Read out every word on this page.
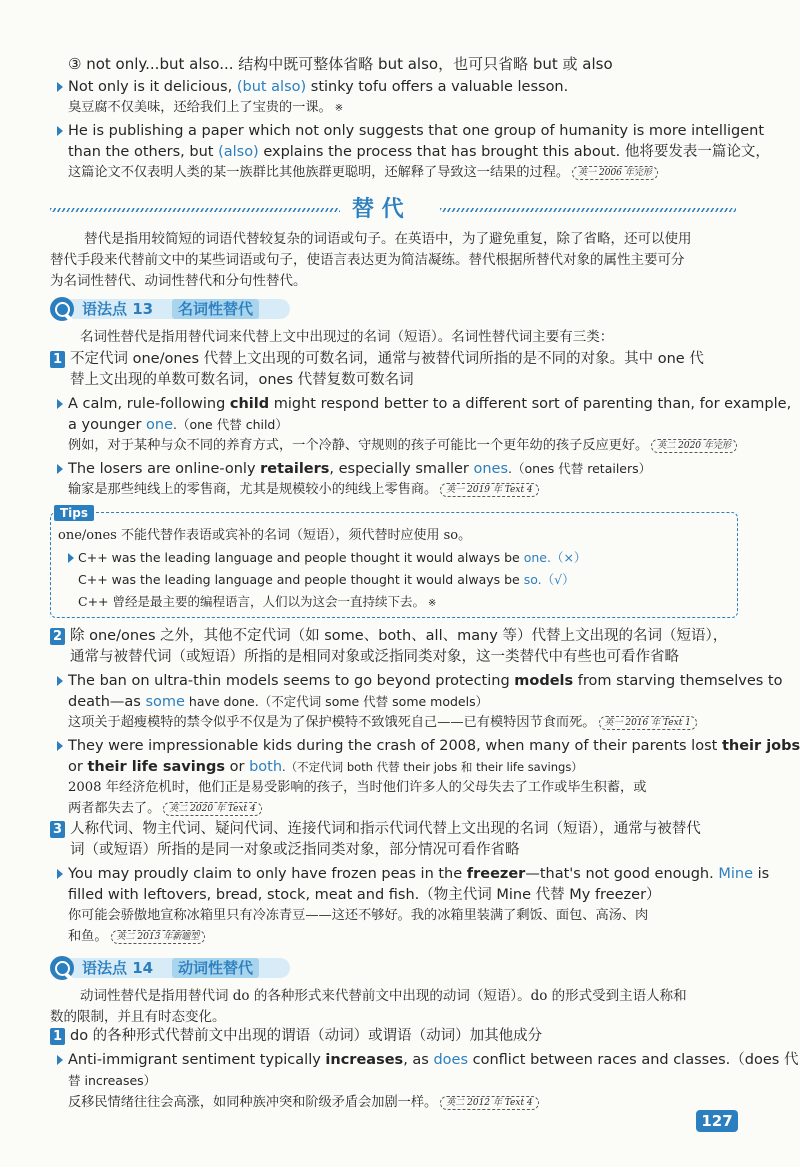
③ not only...but also... 结构中既可整体省略 but also，也可只省略 but 或 also
Not only is it delicious, (but also) stinky tofu offers a valuable lesson.
臭豆腐不仅美味，还给我们上了宝贵的一课。 ※
He is publishing a paper which not only suggests that one group of humanity is more intelligent
than the others, but (also) explains the process that has brought this about. 他将要发表一篇论文，
这篇论文不仅表明人类的某一族群比其他族群更聪明，还解释了导致这一结果的过程。 英一 2006 年完形
替 代
替代是指用较简短的词语代替较复杂的词语或句子。在英语中，为了避免重复，除了省略，还可以使用
替代手段来代替前文中的某些词语或句子，使语言表达更为简洁凝练。替代根据所替代对象的属性主要可分
为名词性替代、动词性替代和分句性替代。
语法点 13	名词性替代
名词性替代是指用替代词来代替上文中出现过的名词（短语）。名词性替代词主要有三类：
1 不定代词 one/ones 代替上文出现的可数名词，通常与被替代词所指的是不同的对象。其中 one 代
替上文出现的单数可数名词，ones 代替复数可数名词
A calm, rule-following child might respond better to a different sort of parenting than, for example,
a younger one.（one 代替 child）
例如，对于某种与众不同的养育方式，一个冷静、守规则的孩子可能比一个更年幼的孩子反应更好。 英二 2020 年完形
The losers are online-only retailers, especially smaller ones.（ones 代替 retailers）
输家是那些纯线上的零售商，尤其是规模较小的纯线上零售商。 英一 2019 年 Text 4
Tips
one/ones 不能代替作表语或宾补的名词（短语），须代替时应使用 so。
C++ was the leading language and people thought it would always be one.（×）
C++ was the leading language and people thought it would always be so.（√）
C++ 曾经是最主要的编程语言，人们以为这会一直持续下去。 ※
2 除 one/ones 之外，其他不定代词（如 some、both、all、many 等）代替上文出现的名词（短语），
通常与被替代词（或短语）所指的是相同对象或泛指同类对象，这一类替代中有些也可看作省略
The ban on ultra-thin models seems to go beyond protecting models from starving themselves to
death—as some have done.（不定代词 some 代替 some models）
这项关于超瘦模特的禁令似乎不仅是为了保护模特不致饿死自己——已有模特因节食而死。 英一 2016 年 Text 1
They were impressionable kids during the crash of 2008, when many of their parents lost their jobs
or their life savings or both.（不定代词 both 代替 their jobs 和 their life savings）
2008 年经济危机时，他们正是易受影响的孩子，当时他们许多人的父母失去了工作或毕生积蓄，或
两者都失去了。 英二 2020 年 Text 4
3 人称代词、物主代词、疑问代词、连接代词和指示代词代替上文出现的名词（短语），通常与被替代
词（或短语）所指的是同一对象或泛指同类对象，部分情况可看作省略
You may proudly claim to only have frozen peas in the freezer—that's not good enough. Mine is
filled with leftovers, bread, stock, meat and fish.（物主代词 Mine 代替 My freezer）
你可能会骄傲地宣称冰箱里只有冷冻青豆——这还不够好。我的冰箱里装满了剩饭、面包、高汤、肉
和鱼。 英二 2013 年新题型
语法点 14	动词性替代
动词性替代是指用替代词 do 的各种形式来代替前文中出现的动词（短语）。do 的形式受到主语人称和
数的限制，并且有时态变化。
1 do 的各种形式代替前文中出现的谓语（动词）或谓语（动词）加其他成分
Anti-immigrant sentiment typically increases, as does conflict between races and classes.（does 代
替 increases）
反移民情绪往往会高涨，如同种族冲突和阶级矛盾会加剧一样。 英二 2012 年 Text 4
127
